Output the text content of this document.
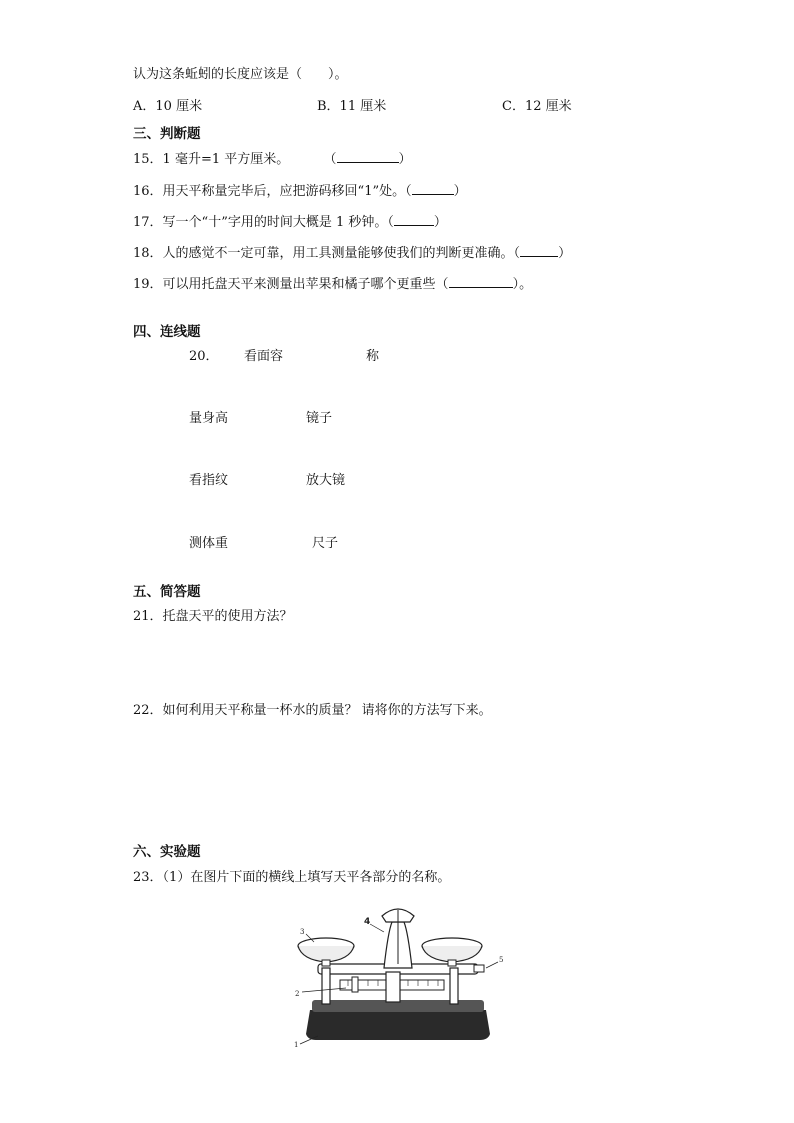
认为这条蚯蚓的长度应该是（　　）。
A．10 厘米	B．11 厘米	C．12 厘米
三、判断题
15．1 毫升=1 平方厘米。	（	）
16．用天平称量完毕后，应把游码移回“1”处。（	）
17．写一个“十”字用的时间大概是 1 秒钟。（	）
18．人的感觉不一定可靠，用工具测量能够使我们的判断更准确。（	）
19．可以用托盘天平来测量出苹果和橘子哪个更重些（	）。
四、连线题
20． 看面容	称
量身高	镜子
看指纹	放大镜
测体重	尺子
五、简答题
21．托盘天平的使用方法？
22．如何利用天平称量一杯水的质量？ 请将你的方法写下来。
六、实验题
23．（1）在图片下面的横线上填写天平各部分的名称。
3
4
5
2
1
